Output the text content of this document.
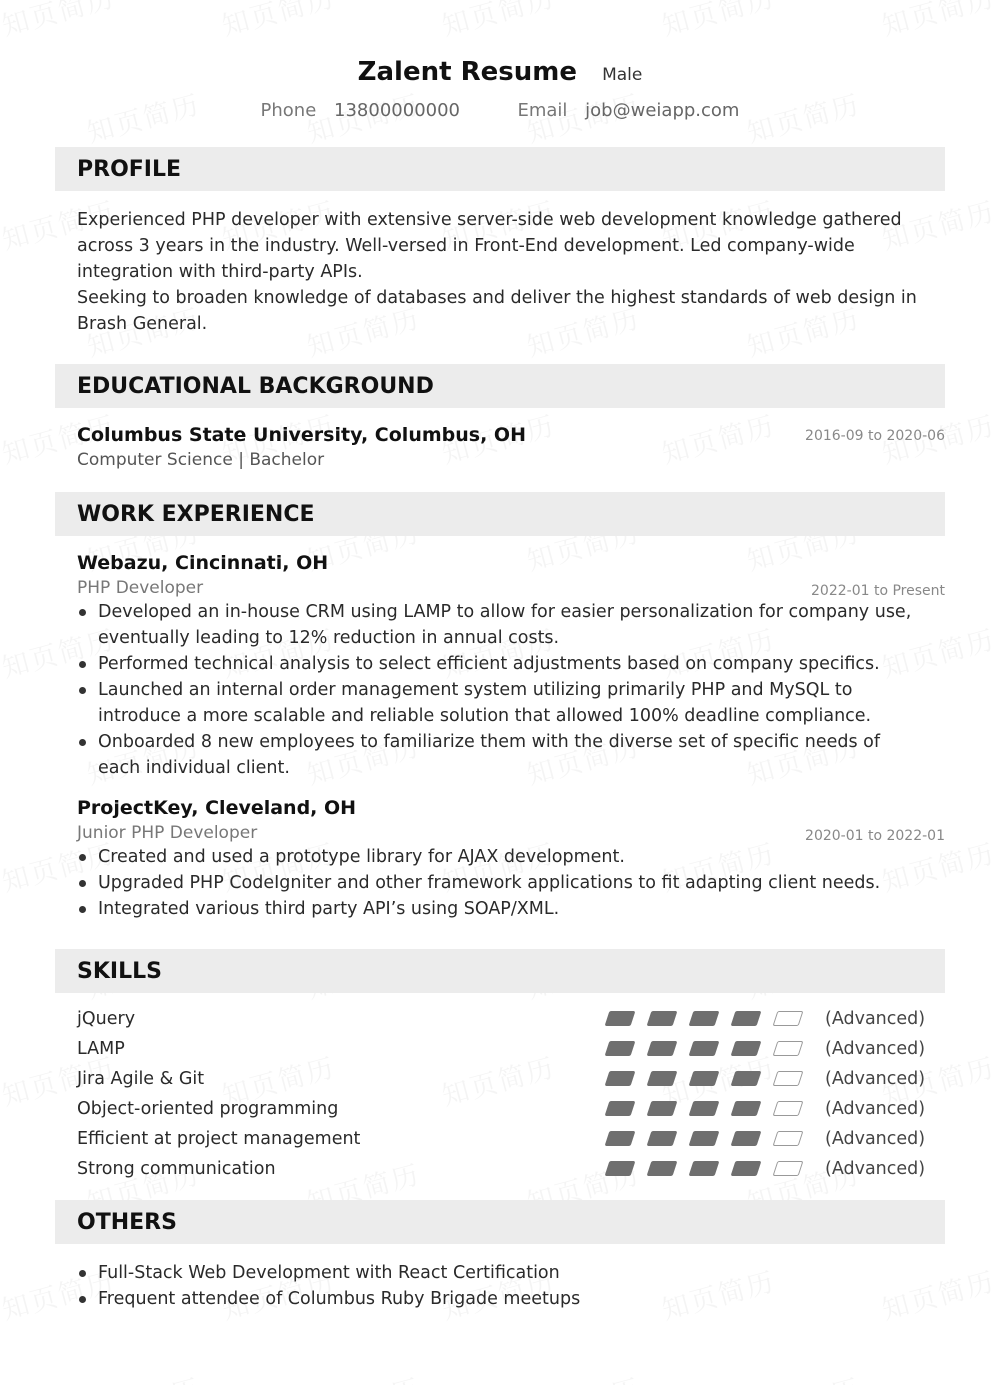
Zalent Resume Male
Phone 13800000000	Email job@weiapp.com
PROFILE
Experienced PHP developer with extensive server-side web development knowledge gathered across 3 years in the industry. Well-versed in Front-End development. Led company-wide integration with third-party APIs.
Seeking to broaden knowledge of databases and deliver the highest standards of web design in Brash General.
EDUCATIONAL BACKGROUND
Columbus State University, Columbus, OH	2016-09 to 2020-06
Computer Science | Bachelor
WORK EXPERIENCE
Webazu, Cincinnati, OH
PHP Developer	2022-01 to Present
Developed an in-house CRM using LAMP to allow for easier personalization for company use, eventually leading to 12% reduction in annual costs.
Performed technical analysis to select efficient adjustments based on company specifics.
Launched an internal order management system utilizing primarily PHP and MySQL to introduce a more scalable and reliable solution that allowed 100% deadline compliance.
Onboarded 8 new employees to familiarize them with the diverse set of specific needs of each individual client.
ProjectKey, Cleveland, OH
Junior PHP Developer	2020-01 to 2022-01
Created and used a prototype library for AJAX development.
Upgraded PHP CodeIgniter and other framework applications to fit adapting client needs.
Integrated various third party API’s using SOAP/XML.
SKILLS
jQuery	(Advanced)
LAMP	(Advanced)
Jira Agile & Git	(Advanced)
Object-oriented programming	(Advanced)
Efficient at project management	(Advanced)
Strong communication	(Advanced)
OTHERS
Full-Stack Web Development with React Certification
Frequent attendee of Columbus Ruby Brigade meetups
